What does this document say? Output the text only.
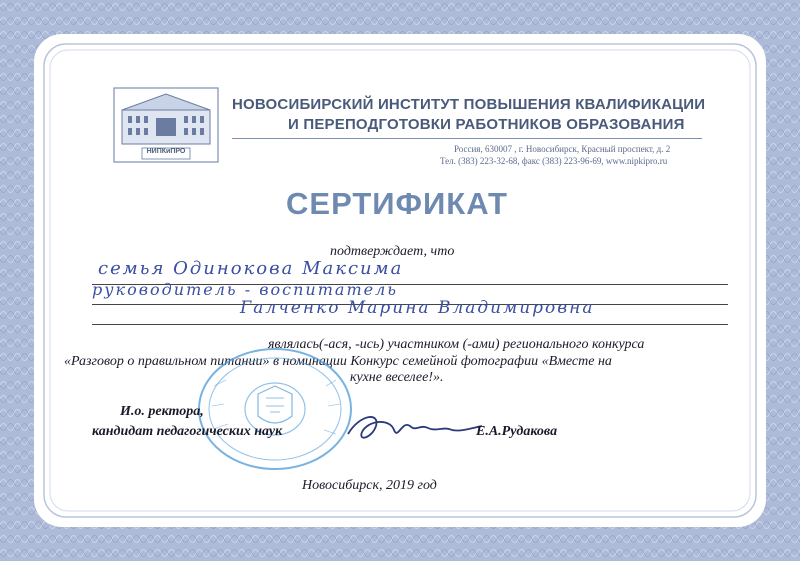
НИПКиПРО
НОВОСИБИРСКИЙ ИНСТИТУТ ПОВЫШЕНИЯ КВАЛИФИКАЦИИ
И ПЕРЕПОДГОТОВКИ РАБОТНИКОВ ОБРАЗОВАНИЯ
Россия, 630007 , г. Новосибирск, Красный проспект, д. 2
Тел. (383) 223-32-68, факс (383) 223-96-69, www.nipkipro.ru
СЕРТИФИКАТ
подтверждает, что
семья Одинокова Максима
руководитель - воспитатель
Галченко Марина Владимировна
являлась(-ася, -ись) участником (-ами) регионального конкурса
«Разговор о правильном питании» в номинации Конкурс семейной фотографии «Вместе на
кухне веселее!».
И.о. ректора,
кандидат педагогических наук	Е.А.Рудакова
Новосибирск, 2019 год
